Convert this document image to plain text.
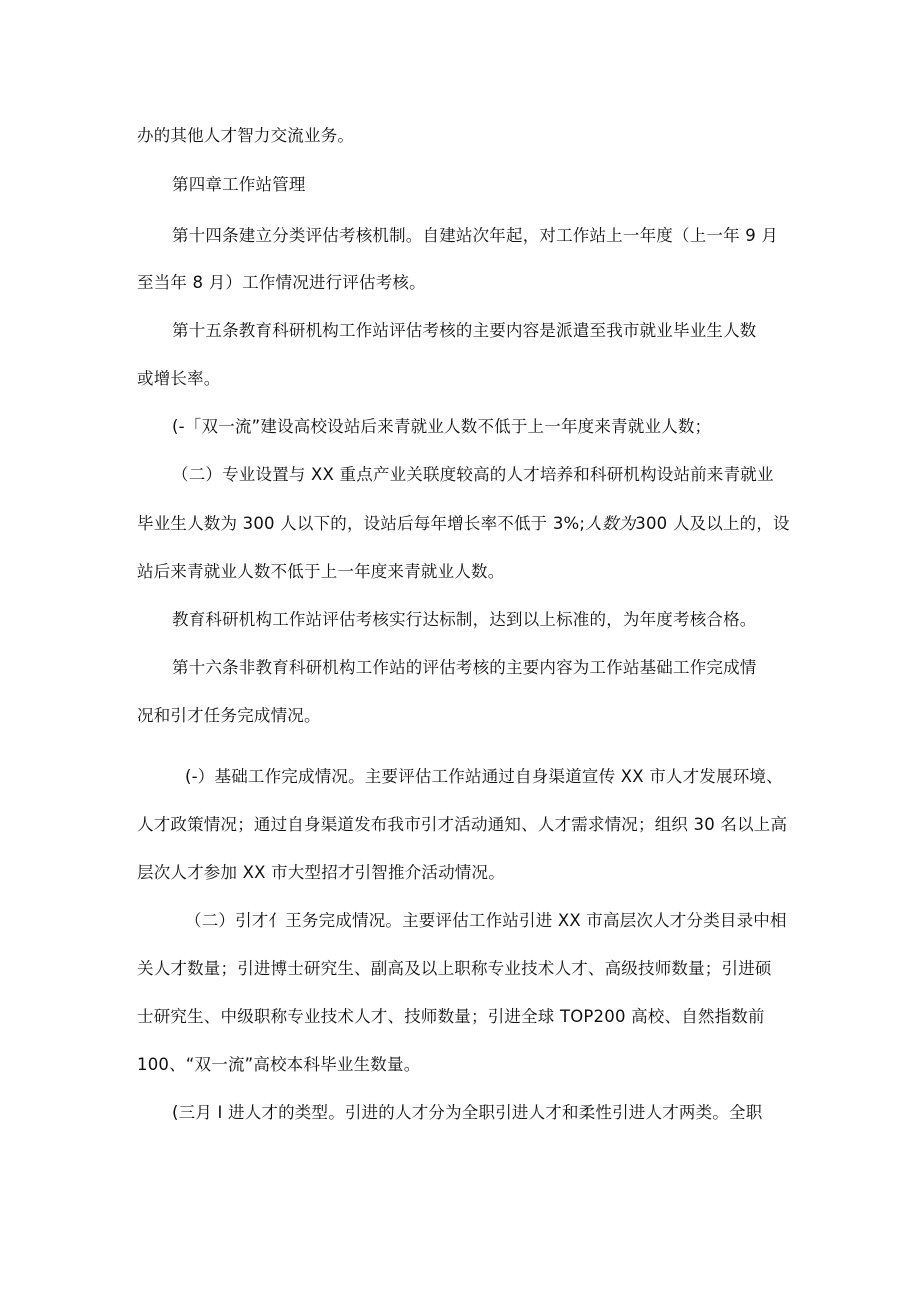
办的其他人才智力交流业务。
第四章工作站管理
第十四条建立分类评估考核机制。自建站次年起，对工作站上一年度（上一年 9 月
至当年 8 月）工作情况进行评估考核。
第十五条教育科研机构工作站评估考核的主要内容是派遣至我市就业毕业生人数
或增长率。
(-「双一流”建设高校设站后来青就业人数不低于上一年度来青就业人数；
（二）专业设置与 XX 重点产业关联度较高的人才培养和科研机构设站前来青就业
毕业生人数为 300 人以下的，设站后每年增长率不低于 3%;人数为300 人及以上的，设
站后来青就业人数不低于上一年度来青就业人数。
教育科研机构工作站评估考核实行达标制，达到以上标准的，为年度考核合格。
第十六条非教育科研机构工作站的评估考核的主要内容为工作站基础工作完成情
况和引才任务完成情况。
(-）基础工作完成情况。主要评估工作站通过自身渠道宣传 XX 市人才发展环境、
人才政策情况；通过自身渠道发布我市引才活动通知、人才需求情况；组织 30 名以上高
层次人才参加 XX 市大型招才引智推介活动情况。
（二）引才亻王务完成情况。主要评估工作站引进 XX 市高层次人才分类目录中相
关人才数量；引进博士研究生、副高及以上职称专业技术人才、高级技师数量；引进硕
士研究生、中级职称专业技术人才、技师数量；引进全球 TOP200 高校、自然指数前
100、“双一流”高校本科毕业生数量。
(三月 I 进人才的类型。引进的人才分为全职引进人才和柔性引进人才两类。全职
